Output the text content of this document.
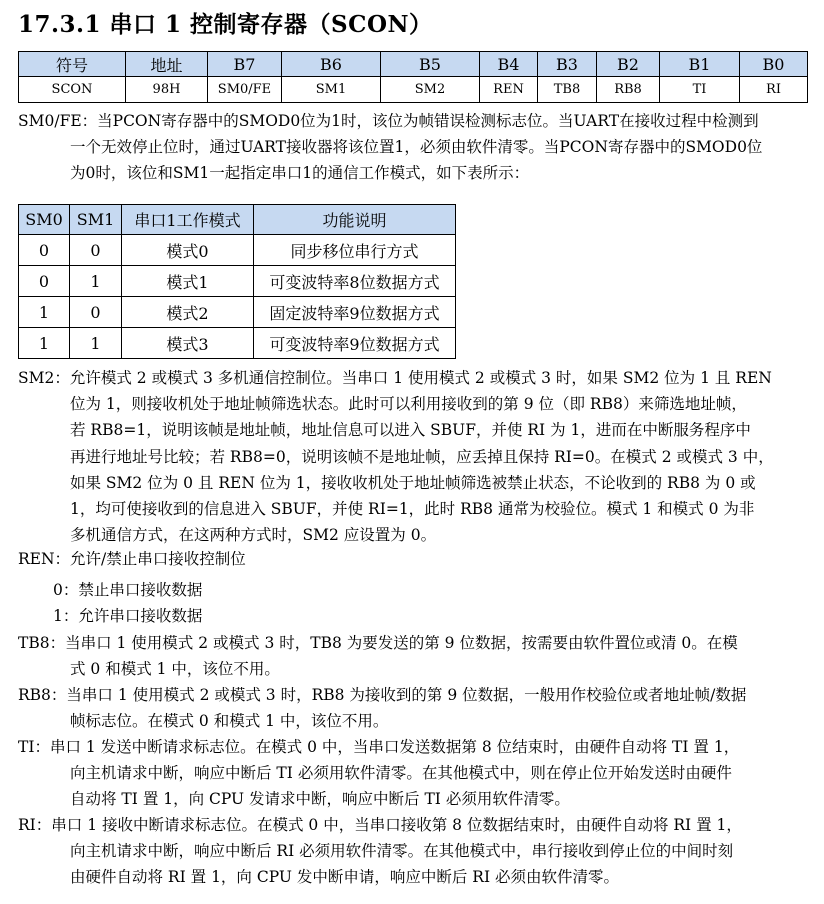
17.3.1 串口 1 控制寄存器（SCON）
符号	地址	B7	B6	B5	B4	B3	B2	B1	B0
SCON	98H	SM0/FE	SM1	SM2	REN	TB8	RB8	TI	RI
SM0/FE：当PCON寄存器中的SMOD0位为1时，该位为帧错误检测标志位。当UART在接收过程中检测到
一个无效停止位时，通过UART接收器将该位置1，必须由软件清零。当PCON寄存器中的SMOD0位
为0时，该位和SM1一起指定串口1的通信工作模式，如下表所示：
SM0	SM1	串口1工作模式	功能说明
0	0	模式0	同步移位串行方式
0	1	模式1	可变波特率8位数据方式
1	0	模式2	固定波特率9位数据方式
1	1	模式3	可变波特率9位数据方式
SM2：允许模式 2 或模式 3 多机通信控制位。当串口 1 使用模式 2 或模式 3 时，如果 SM2 位为 1 且 REN
位为 1，则接收机处于地址帧筛选状态。此时可以利用接收到的第 9 位（即 RB8）来筛选地址帧，
若 RB8=1，说明该帧是地址帧，地址信息可以进入 SBUF，并使 RI 为 1，进而在中断服务程序中
再进行地址号比较；若 RB8=0，说明该帧不是地址帧，应丢掉且保持 RI=0。在模式 2 或模式 3 中，
如果 SM2 位为 0 且 REN 位为 1，接收收机处于地址帧筛选被禁止状态，不论收到的 RB8 为 0 或
1，均可使接收到的信息进入 SBUF，并使 RI=1，此时 RB8 通常为校验位。模式 1 和模式 0 为非
多机通信方式，在这两种方式时，SM2 应设置为 0。
REN：允许/禁止串口接收控制位
0：禁止串口接收数据
1：允许串口接收数据
TB8：当串口 1 使用模式 2 或模式 3 时，TB8 为要发送的第 9 位数据，按需要由软件置位或清 0。在模
式 0 和模式 1 中，该位不用。
RB8：当串口 1 使用模式 2 或模式 3 时，RB8 为接收到的第 9 位数据，一般用作校验位或者地址帧/数据
帧标志位。在模式 0 和模式 1 中，该位不用。
TI：串口 1 发送中断请求标志位。在模式 0 中，当串口发送数据第 8 位结束时，由硬件自动将 TI 置 1，
向主机请求中断，响应中断后 TI 必须用软件清零。在其他模式中，则在停止位开始发送时由硬件
自动将 TI 置 1，向 CPU 发请求中断，响应中断后 TI 必须用软件清零。
RI：串口 1 接收中断请求标志位。在模式 0 中，当串口接收第 8 位数据结束时，由硬件自动将 RI 置 1，
向主机请求中断，响应中断后 RI 必须用软件清零。在其他模式中，串行接收到停止位的中间时刻
由硬件自动将 RI 置 1，向 CPU 发中断申请，响应中断后 RI 必须由软件清零。
